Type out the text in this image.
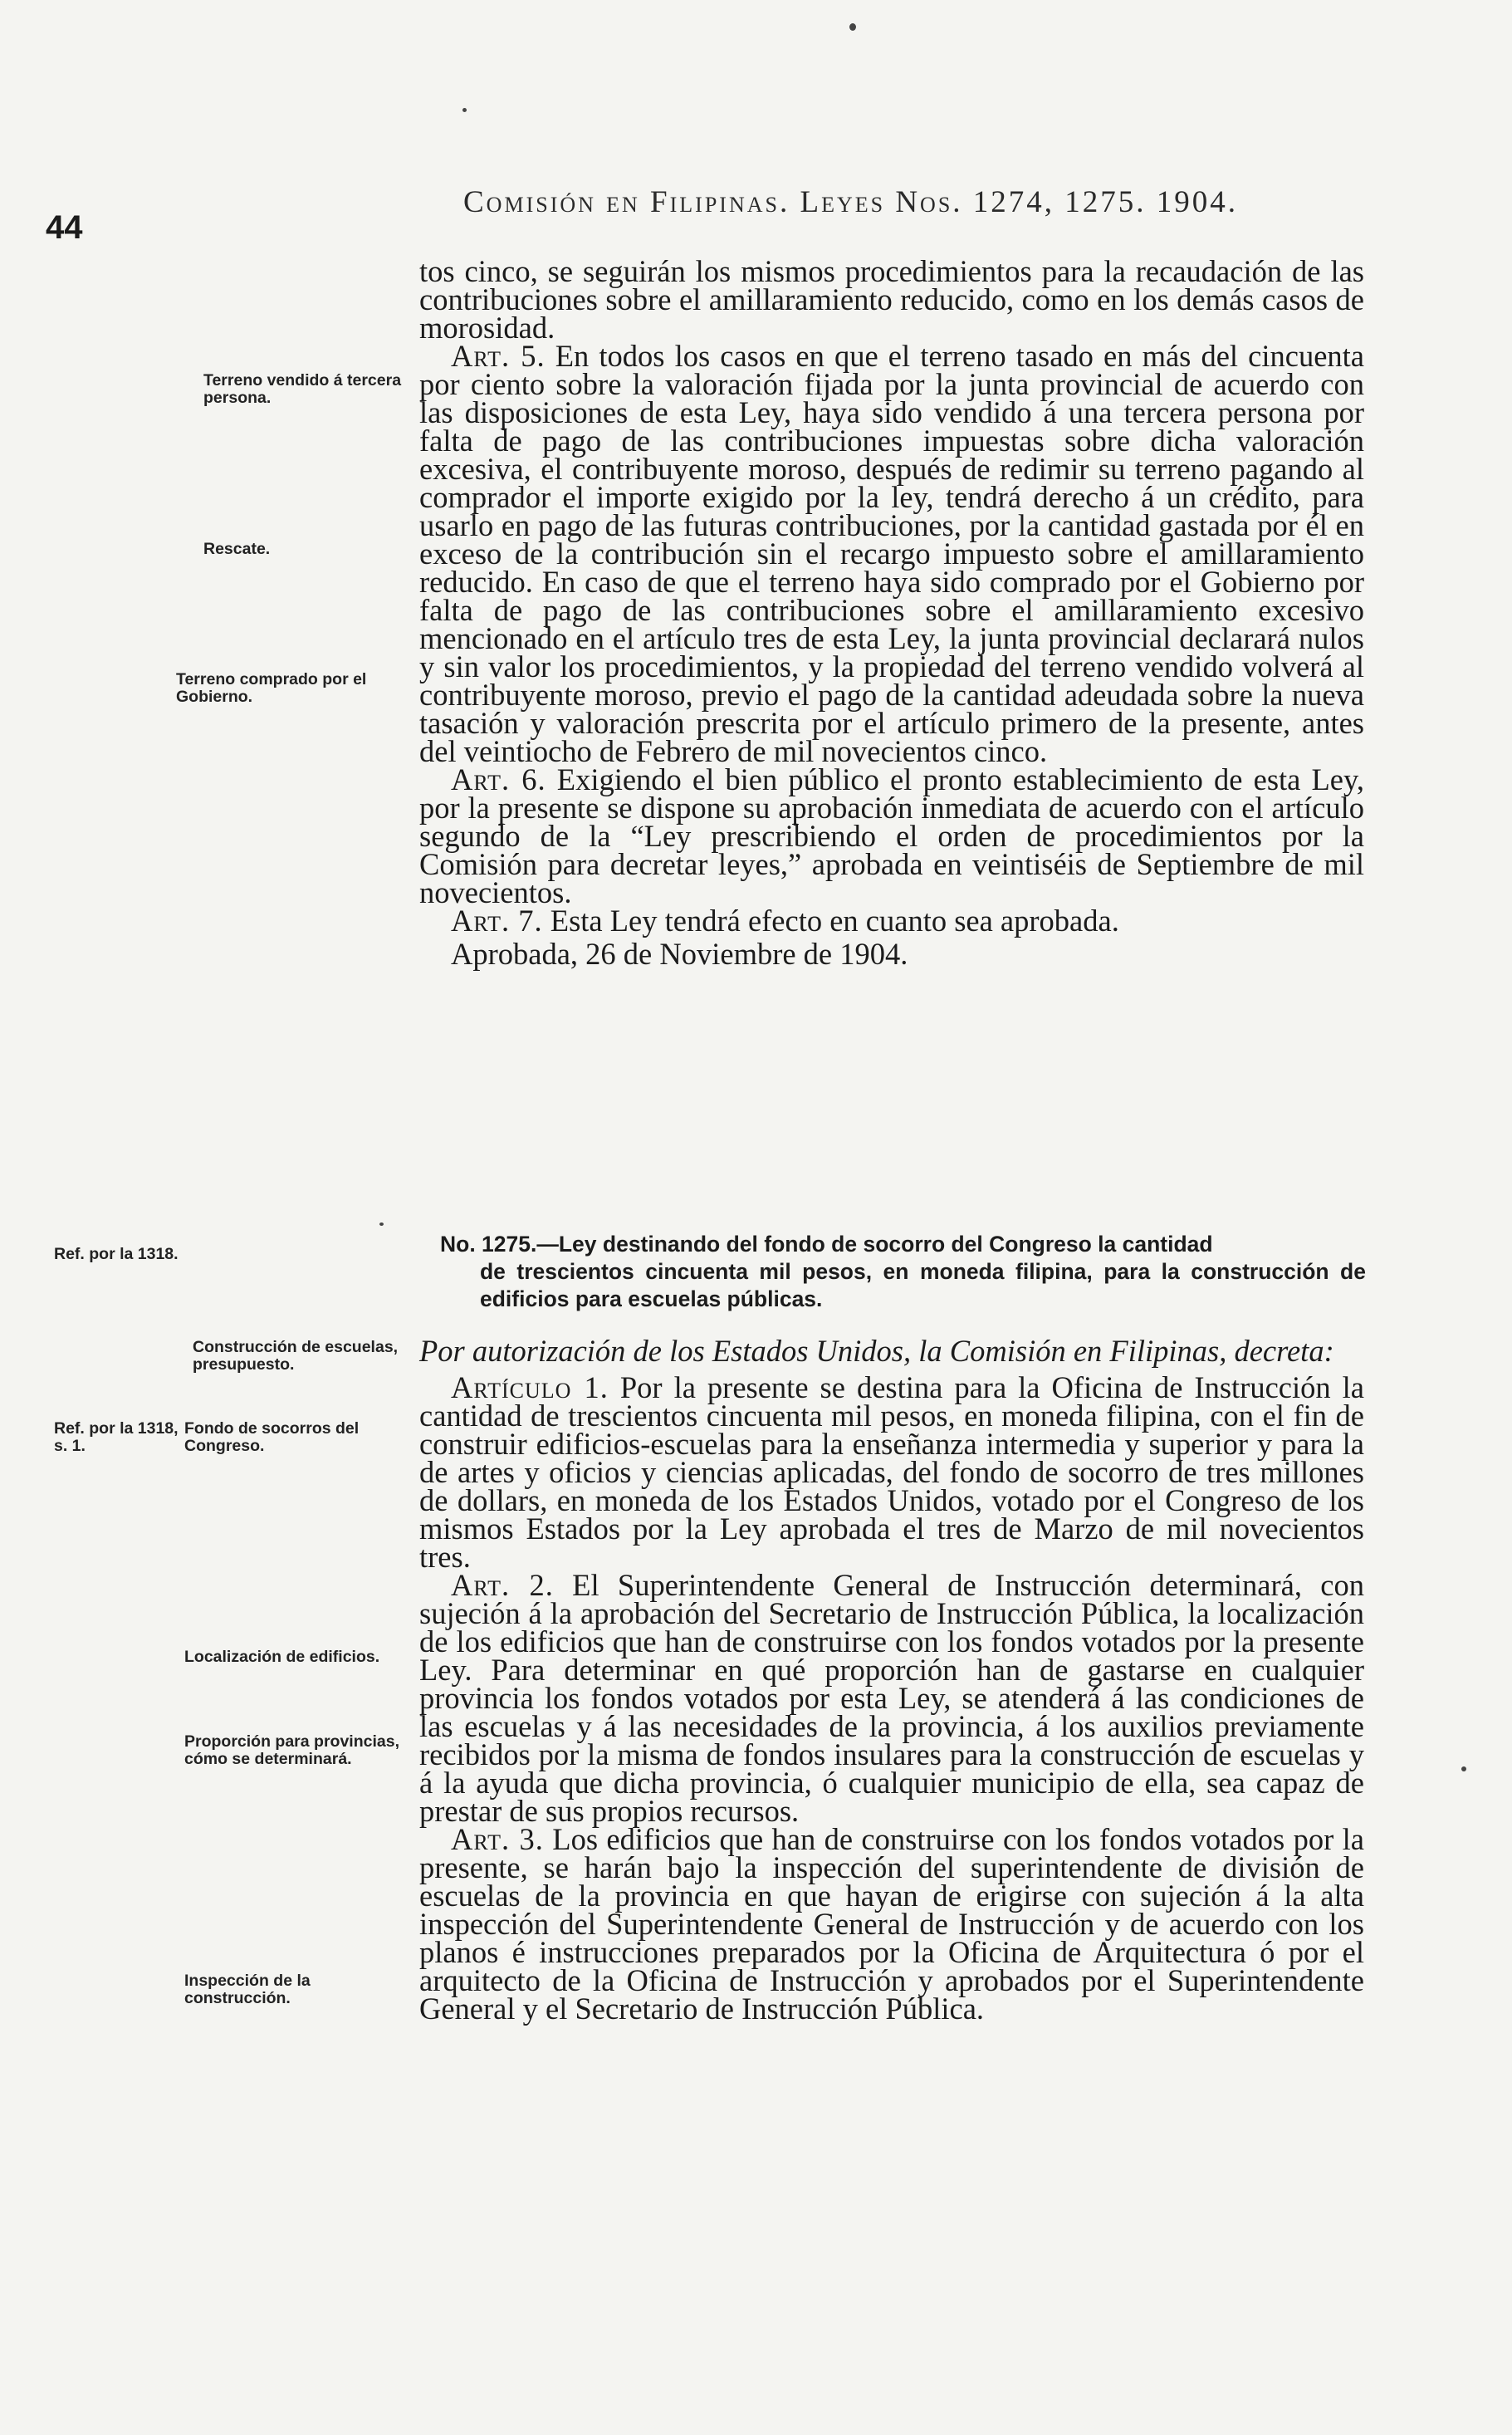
44
Comisión en Filipinas. Leyes Nos. 1274, 1275. 1904.
Terreno vendido á tercera persona.
Rescate.
Terreno comprado por el Gobierno.
Ref. por la 1318.
Construcción de escuelas, presupuesto.
Ref. por la 1318, s. 1.
Fondo de socorros del Congreso.
Localización de edificios.
Proporción para provincias, cómo se determinará.
Inspección de la construcción.

tos cinco, se seguirán los mismos procedimientos para la recaudación de las contribuciones sobre el amillaramiento reducido, como en los demás casos de morosidad.

Art. 5. En todos los casos en que el terreno tasado en más del cincuenta por ciento sobre la valoración fijada por la junta provincial de acuerdo con las disposiciones de esta Ley, haya sido vendido á una tercera persona por falta de pago de las contribuciones impuestas sobre dicha valoración excesiva, el contribuyente moroso, después de redimir su terreno pagando al comprador el importe exigido por la ley, tendrá derecho á un crédito, para usarlo en pago de las futuras contribuciones, por la cantidad gastada por él en exceso de la contribución sin el recargo impuesto sobre el amillaramiento reducido. En caso de que el terreno haya sido comprado por el Gobierno por falta de pago de las contribuciones sobre el amillaramiento excesivo mencionado en el artículo tres de esta Ley, la junta provincial declarará nulos y sin valor los procedimientos, y la propiedad del terreno vendido volverá al contribuyente moroso, previo el pago de la cantidad adeudada sobre la nueva tasación y valoración prescrita por el artículo primero de la presente, antes del veintiocho de Febrero de mil novecientos cinco.

Art. 6. Exigiendo el bien público el pronto establecimiento de esta Ley, por la presente se dispone su aprobación inmediata de acuerdo con el artículo segundo de la “Ley prescribiendo el orden de procedimientos por la Comisión para decretar leyes,” aprobada en veintiséis de Septiembre de mil novecientos.

Art. 7. Esta Ley tendrá efecto en cuanto sea aprobada.

Aprobada, 26 de Noviembre de 1904.

No. 1275.—Ley destinando del fondo de socorro del Congreso la cantidad
de trescientos cincuenta mil pesos, en moneda filipina, para la construcción de edificios para escuelas públicas.

Por autorización de los Estados Unidos, la Comisión en Filipinas, decreta:

Artículo 1. Por la presente se destina para la Oficina de Instrucción la cantidad de trescientos cincuenta mil pesos, en moneda filipina, con el fin de construir edificios-escuelas para la enseñanza intermedia y superior y para la de artes y oficios y ciencias aplicadas, del fondo de socorro de tres millones de dollars, en moneda de los Estados Unidos, votado por el Congreso de los mismos Estados por la Ley aprobada el tres de Marzo de mil novecientos tres.

Art. 2. El Superintendente General de Instrucción determinará, con sujeción á la aprobación del Secretario de Instrucción Pública, la localización de los edificios que han de construirse con los fondos votados por la presente Ley. Para determinar en qué proporción han de gastarse en cualquier provincia los fondos votados por esta Ley, se atenderá á las condiciones de las escuelas y á las necesidades de la provincia, á los auxilios previamente recibidos por la misma de fondos insulares para la construcción de escuelas y á la ayuda que dicha provincia, ó cualquier municipio de ella, sea capaz de prestar de sus propios recursos.

Art. 3. Los edificios que han de construirse con los fondos votados por la presente, se harán bajo la inspección del superintendente de división de escuelas de la provincia en que hayan de erigirse con sujeción á la alta inspección del Superintendente General de Instrucción y de acuerdo con los planos é instrucciones preparados por la Oficina de Arquitectura ó por el arquitecto de la Oficina de Instrucción y aprobados por el Superintendente General y el Secretario de Instrucción Pública.
